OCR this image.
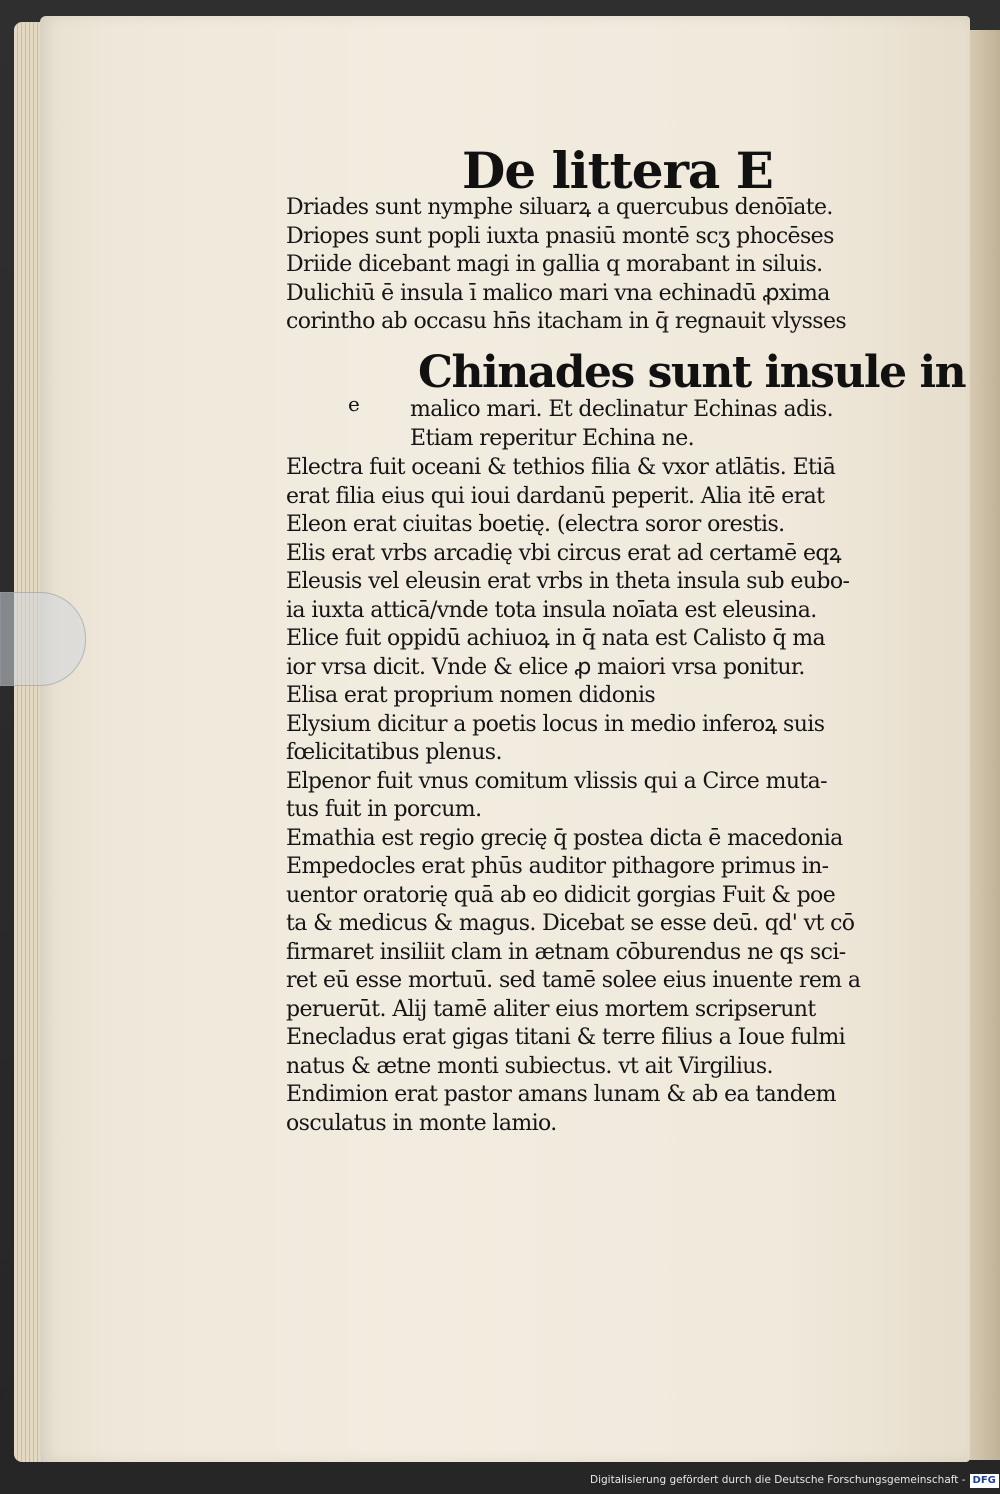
De littera E
Driades sunt nymphe siluarꝝ a quercubus denōīate.
Driopes sunt popli iuxta pnasiū montē scʒ phocēses
Driide dicebant magi in gallia q morabant in siluis.
Dulichiū ē insula ī malico mari vna echinadū ꝓxima
corintho ab occasu hn̄s itacham in q̄ regnauit vlysses
Chinades sunt insule in
e malico mari. Et declinatur Echinas adis.
Etiam reperitur Echina ne.
Electra fuit oceani & tethios filia & vxor atlātis. Etiā
erat filia eius qui ioui dardanū peperit. Alia itē erat
Eleon erat ciuitas boetię. (electra soror orestis.
Elis erat vrbs arcadię vbi circus erat ad certamē eqꝝ
Eleusis vel eleusin erat vrbs in theta insula sub eubo-
ia iuxta atticā/vnde tota insula noīata est eleusina.
Elice fuit oppidū achiuoꝝ in q̄ nata est Calisto q̄ ma
ior vrsa dicit. Vnde & elice ꝓ maiori vrsa ponitur.
Elisa erat proprium nomen didonis
Elysium dicitur a poetis locus in medio inferoꝝ suis
fœlicitatibus plenus.
Elpenor fuit vnus comitum vlissis qui a Circe muta-
tus fuit in porcum.
Emathia est regio grecię q̄ postea dicta ē macedonia
Empedocles erat phūs auditor pithagore primus in-
uentor oratorię quā ab eo didicit gorgias Fuit & poe
ta & medicus & magus. Dicebat se esse deū. qd' vt cō
firmaret insiliit clam in ætnam cōburendus ne qs sci-
ret eū esse mortuū. sed tamē solee eius inuente rem a
peruerūt. Alij tamē aliter eius mortem scripserunt
Enecladus erat gigas titani & terre filius a Ioue fulmi
natus & ætne monti subiectus. vt ait Virgilius.
Endimion erat pastor amans lunam & ab ea tandem
osculatus in monte lamio.
Digitalisierung gefördert durch die Deutsche Forschungsgemeinschaft - DFG
